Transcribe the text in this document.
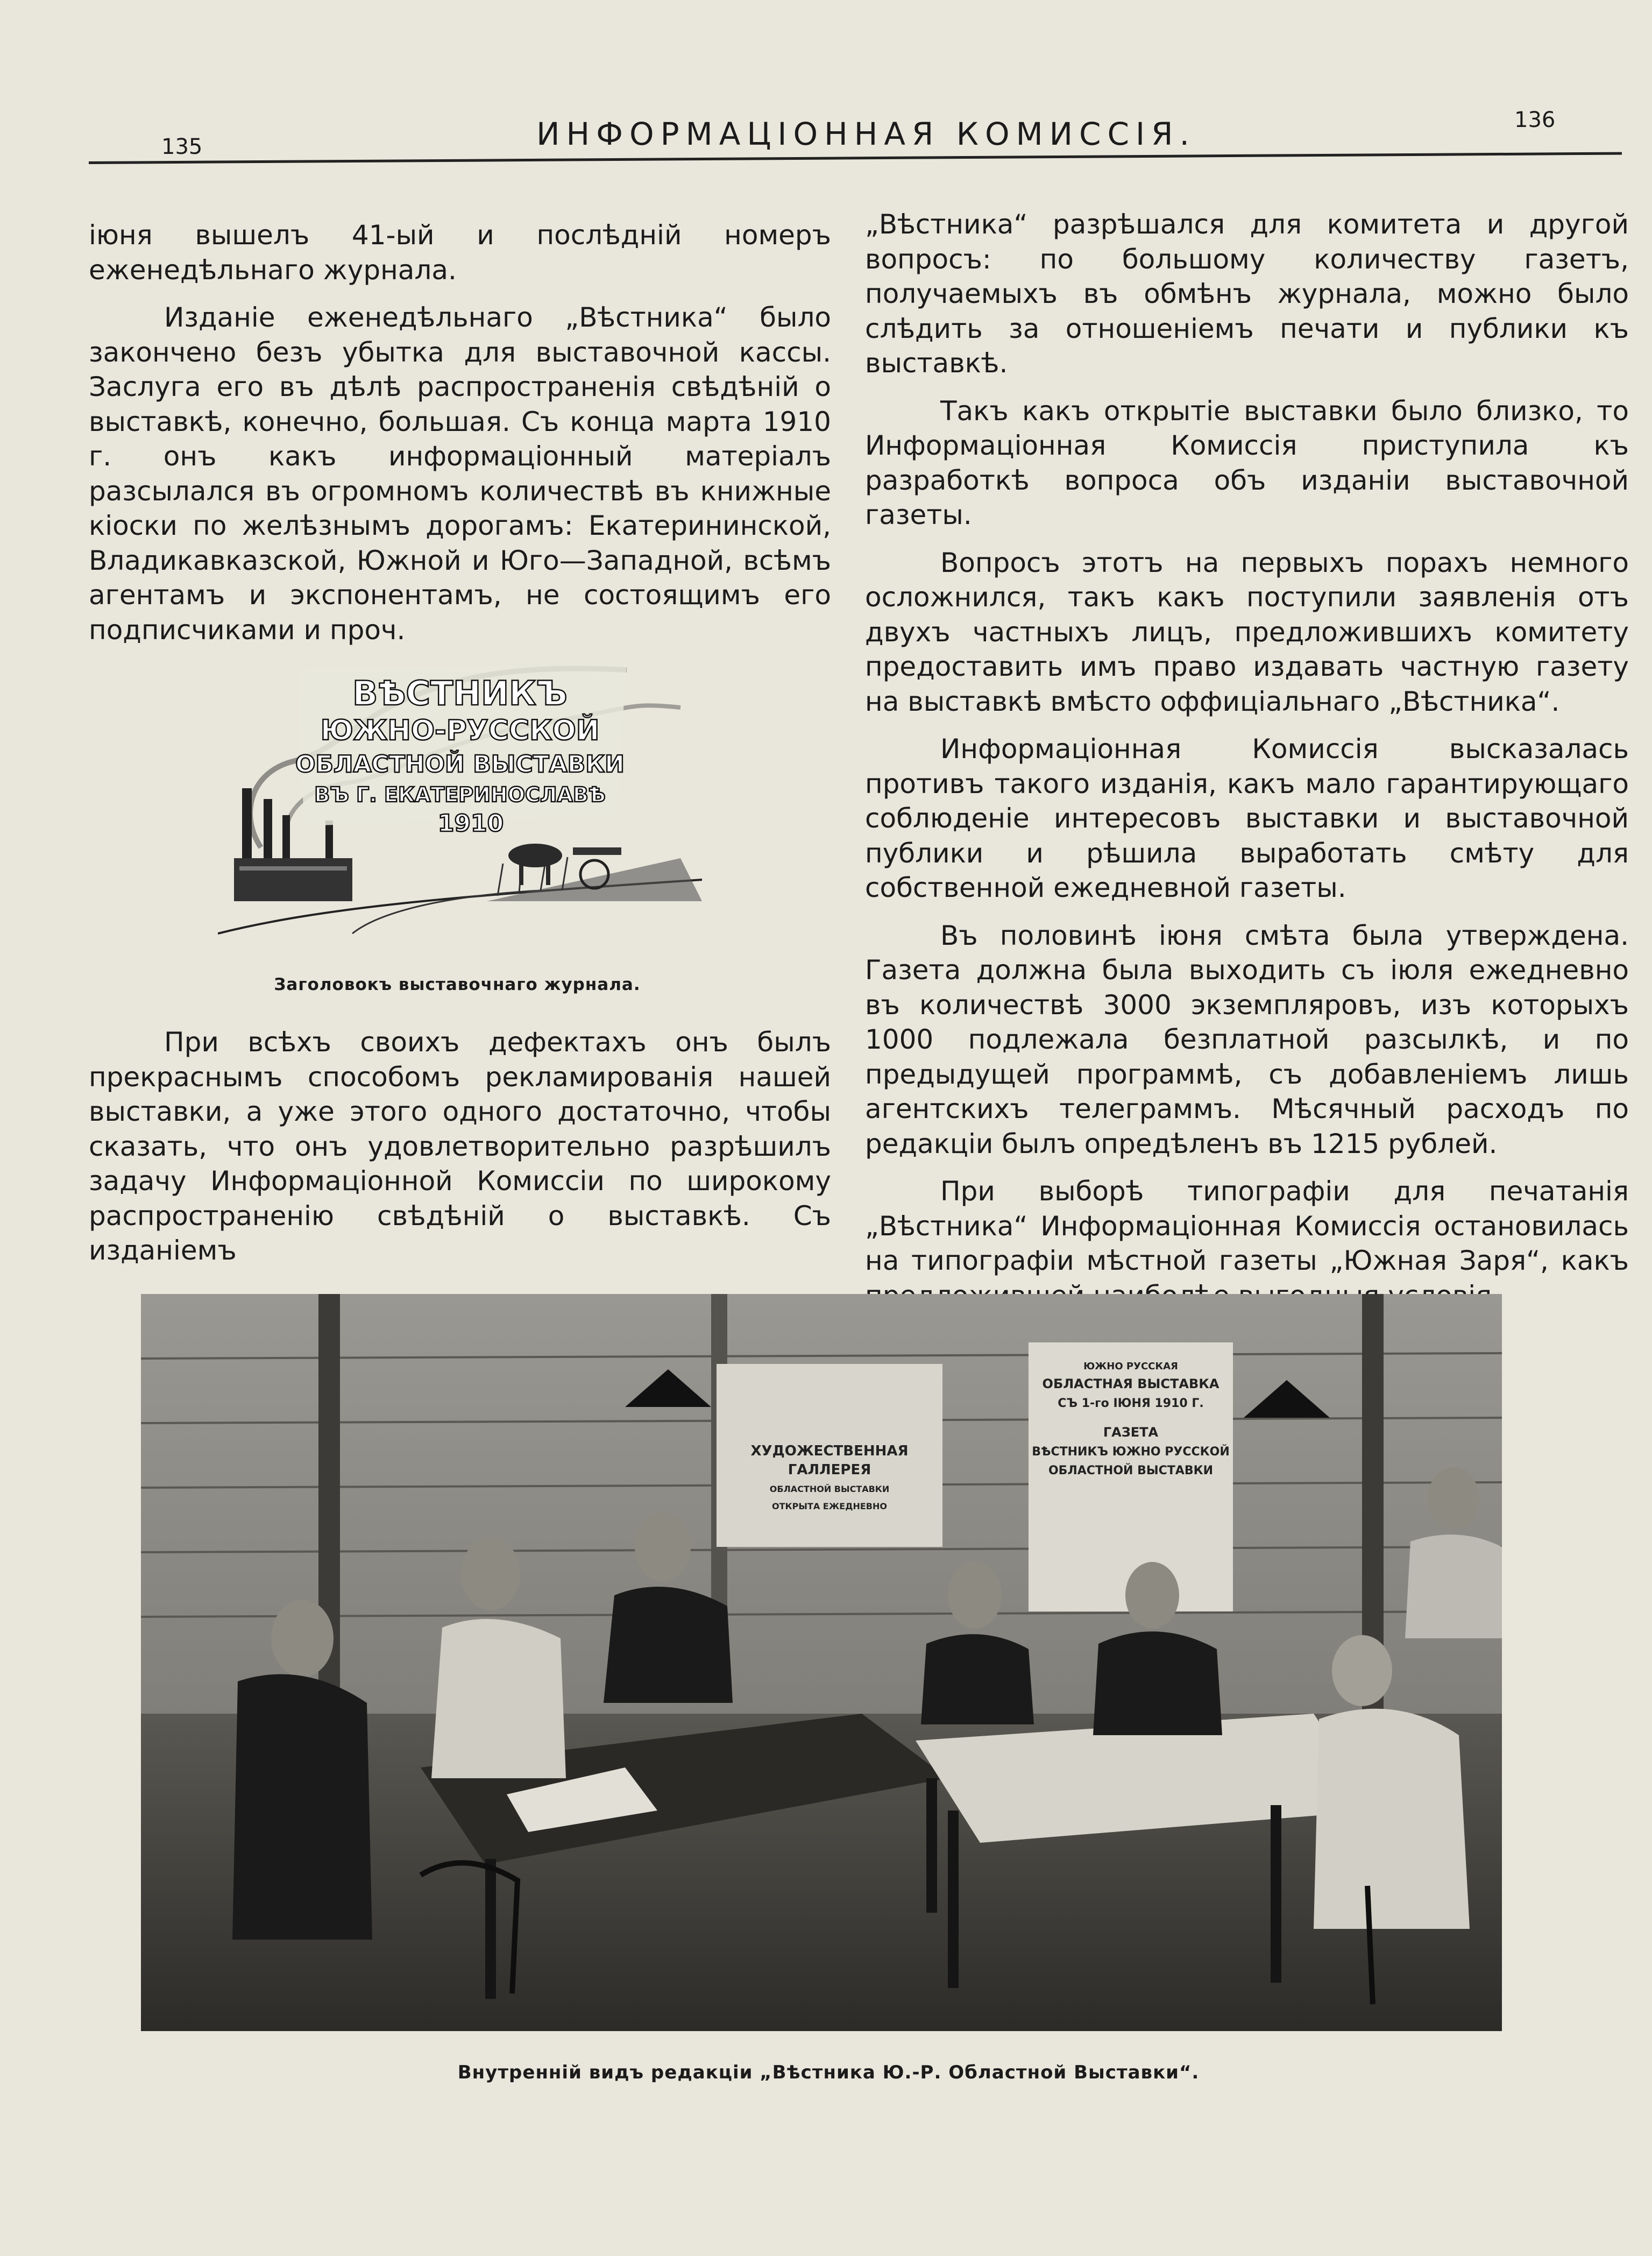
135	ИНФОРМАЦІОННАЯ КОМИССІЯ.	136

іюня вышелъ 41-ый и послѣдній номеръ еженедѣльнаго журнала.

Изданіе еженедѣльнаго „Вѣстника“ было закончено безъ убытка для выставочной кассы. Заслуга его въ дѣлѣ распространенія свѣдѣній о выставкѣ, конечно, большая. Съ конца марта 1910 г. онъ какъ информаціонный матеріалъ разсылался въ огромномъ количествѣ въ книжные кіоски по желѣзнымъ дорогамъ: Екатерининской, Владикавказской, Южной и Юго—Западной, всѣмъ агентамъ и экспонентамъ, не состоящимъ его подписчиками и проч.

ВѢСТНИКЪ
ЮЖНО-РУССКОЙ
ОБЛАСТНОЙ ВЫСТАВКИ
ВЪ Г. ЕКАТЕРИНОСЛАВѢ
1910
Заголовокъ выставочнаго журнала.

При всѣхъ своихъ дефектахъ онъ былъ прекраснымъ способомъ рекламированія нашей выставки, а уже этого одного достаточно, чтобы сказать, что онъ удовлетворительно разрѣшилъ задачу Информаціонной Комиссіи по широкому распространенію свѣдѣній о выставкѣ. Съ изданіемъ

„Вѣстника“ разрѣшался для комитета и другой вопросъ: по большому количеству газетъ, получаемыхъ въ обмѣнъ журнала, можно было слѣдить за отношеніемъ печати и публики къ выставкѣ.

Такъ какъ открытіе выставки было близко, то Информаціонная Комиссія приступила къ разработкѣ вопроса объ изданіи выставочной газеты.

Вопросъ этотъ на первыхъ порахъ немного осложнился, такъ какъ поступили заявленія отъ двухъ частныхъ лицъ, предложившихъ комитету предоставить имъ право издавать частную газету на выставкѣ вмѣсто оффиціальнаго „Вѣстника“.

Информаціонная Комиссія высказалась противъ такого изданія, какъ мало гарантирующаго соблюденіе интересовъ выставки и выставочной публики и рѣшила выработать смѣту для собственной ежедневной газеты.

Въ половинѣ іюня смѣта была утверждена. Газета должна была выходить съ іюля ежедневно въ количествѣ 3000 экземпляровъ, изъ которыхъ 1000 подлежала безплатной разсылкѣ, и по предыдущей программѣ, съ добавленіемъ лишь агентскихъ телеграммъ. Мѣсячный расходъ по редакціи былъ опредѣленъ въ 1215 рублей.

При выборѣ типографіи для печатанія „Вѣстника“ Информаціонная Комиссія остановилась на типографіи мѣстной газеты „Южная Заря“, какъ

ХУДОЖЕСТВЕННАЯ
ГАЛЛЕРЕЯ
ОБЛАСТНОЙ ВЫСТАВКИ
ОТКРЫТА ЕЖЕДНЕВНО
ЮЖНО РУССКАЯ
ОБЛАСТНАЯ ВЫСТАВКА
СЪ 1-го ІЮНЯ 1910 Г.
ГАЗЕТА
ВѢСТНИКЪ ЮЖНО РУССКОЙ
ОБЛАСТНОЙ ВЫСТАВКИ
Внутренній видъ редакціи „Вѣстника Ю.-Р. Областной Выставки“.
